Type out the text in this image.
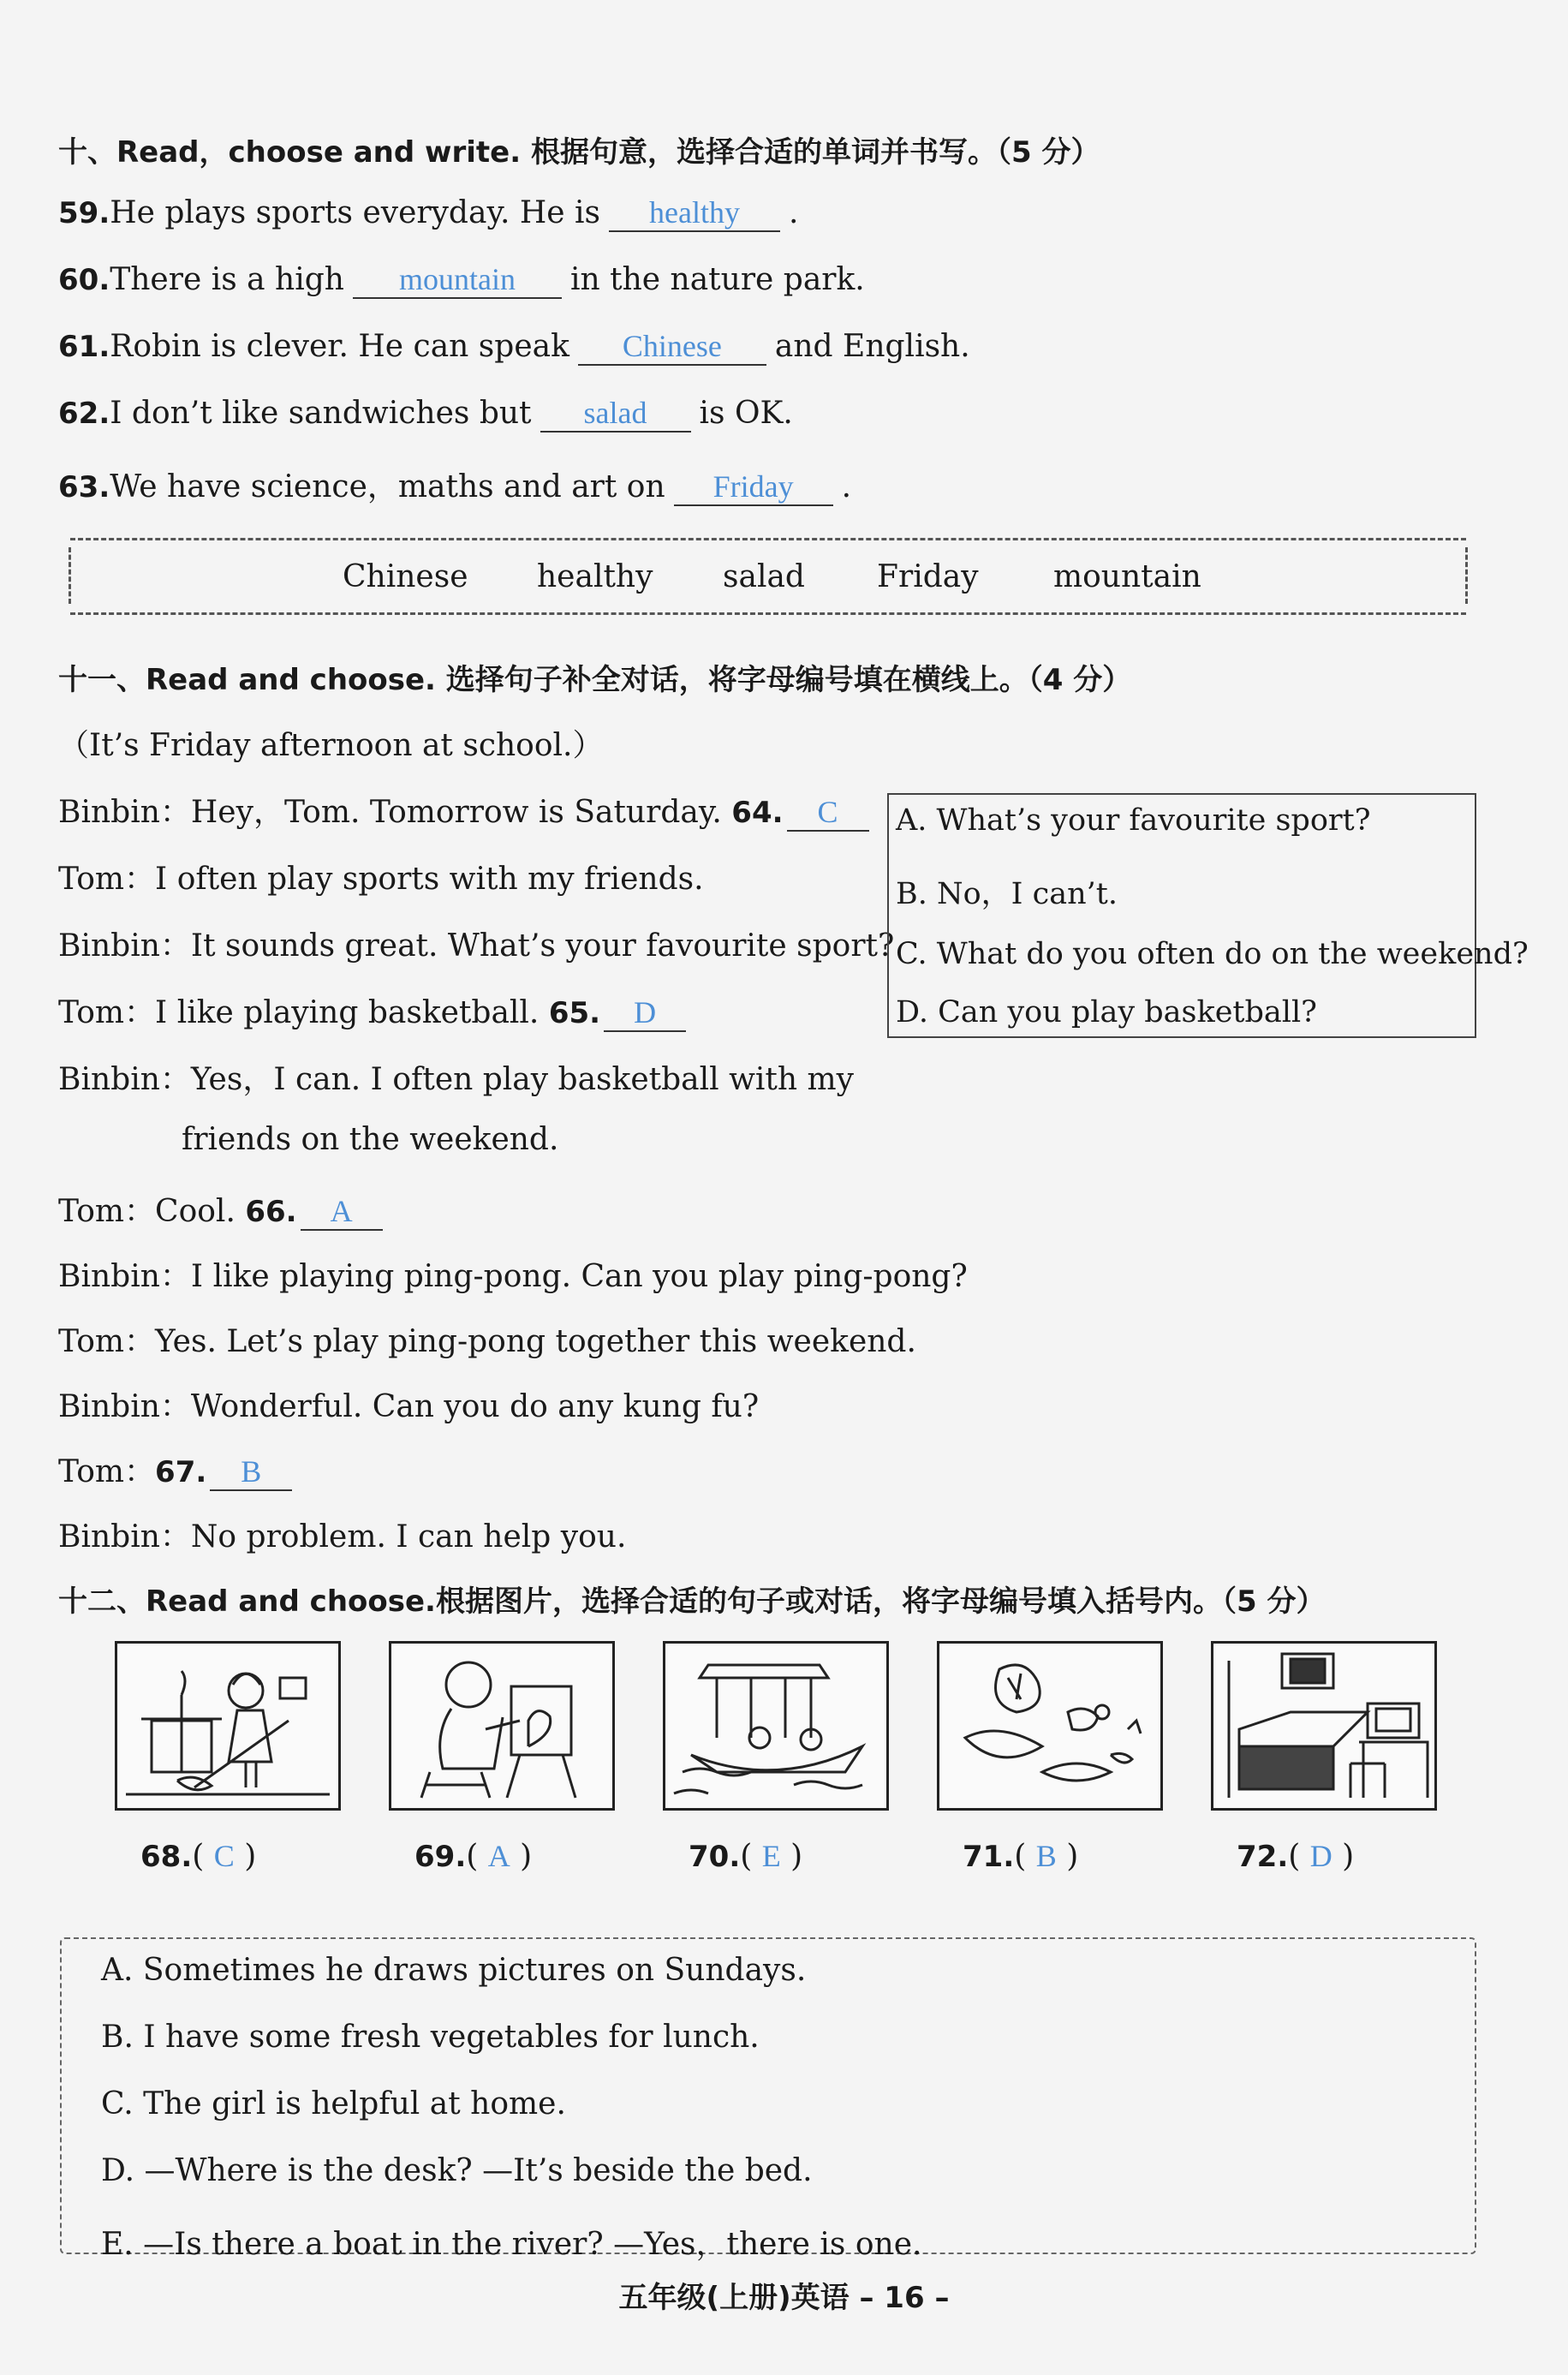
十、Read，choose and write. 根据句意，选择合适的单词并书写。（5 分）
59.He plays sports everyday. He is healthy .
60.There is a high mountain in the nature park.
61.Robin is clever. He can speak Chinese and English.
62.I don’t like sandwiches but salad is OK.
63.We have science，maths and art on Friday .
Chinese healthy salad Friday mountain
十一、Read and choose. 选择句子补全对话，将字母编号填在横线上。（4 分）
（It’s Friday afternoon at school.）
Binbin：Hey，Tom. Tomorrow is Saturday. 64. C
Tom：I often play sports with my friends.
Binbin：It sounds great. What’s your favourite sport?
Tom：I like playing basketball. 65. D
Binbin：Yes，I can. I often play basketball with my
friends on the weekend.
Tom：Cool. 66. A
Binbin：I like playing ping-pong. Can you play ping-pong?
Tom：Yes. Let’s play ping-pong together this weekend.
Binbin：Wonderful. Can you do any kung fu?
Tom：67. B
Binbin：No problem. I can help you.
A. What’s your favourite sport?
B. No，I can’t.
C. What do you often do on the weekend?
D. Can you play basketball?
十二、Read and choose.根据图片，选择合适的句子或对话，将字母编号填入括号内。（5 分）
68.( C )	69.( A )	70.( E )	71.( B )	72.( D )
A. Sometimes he draws pictures on Sundays.
B. I have some fresh vegetables for lunch.
C. The girl is helpful at home.
D. —Where is the desk? —It’s beside the bed.
E. —Is there a boat in the river? —Yes，there is one.
五年级(上册)英语 – 16 –
